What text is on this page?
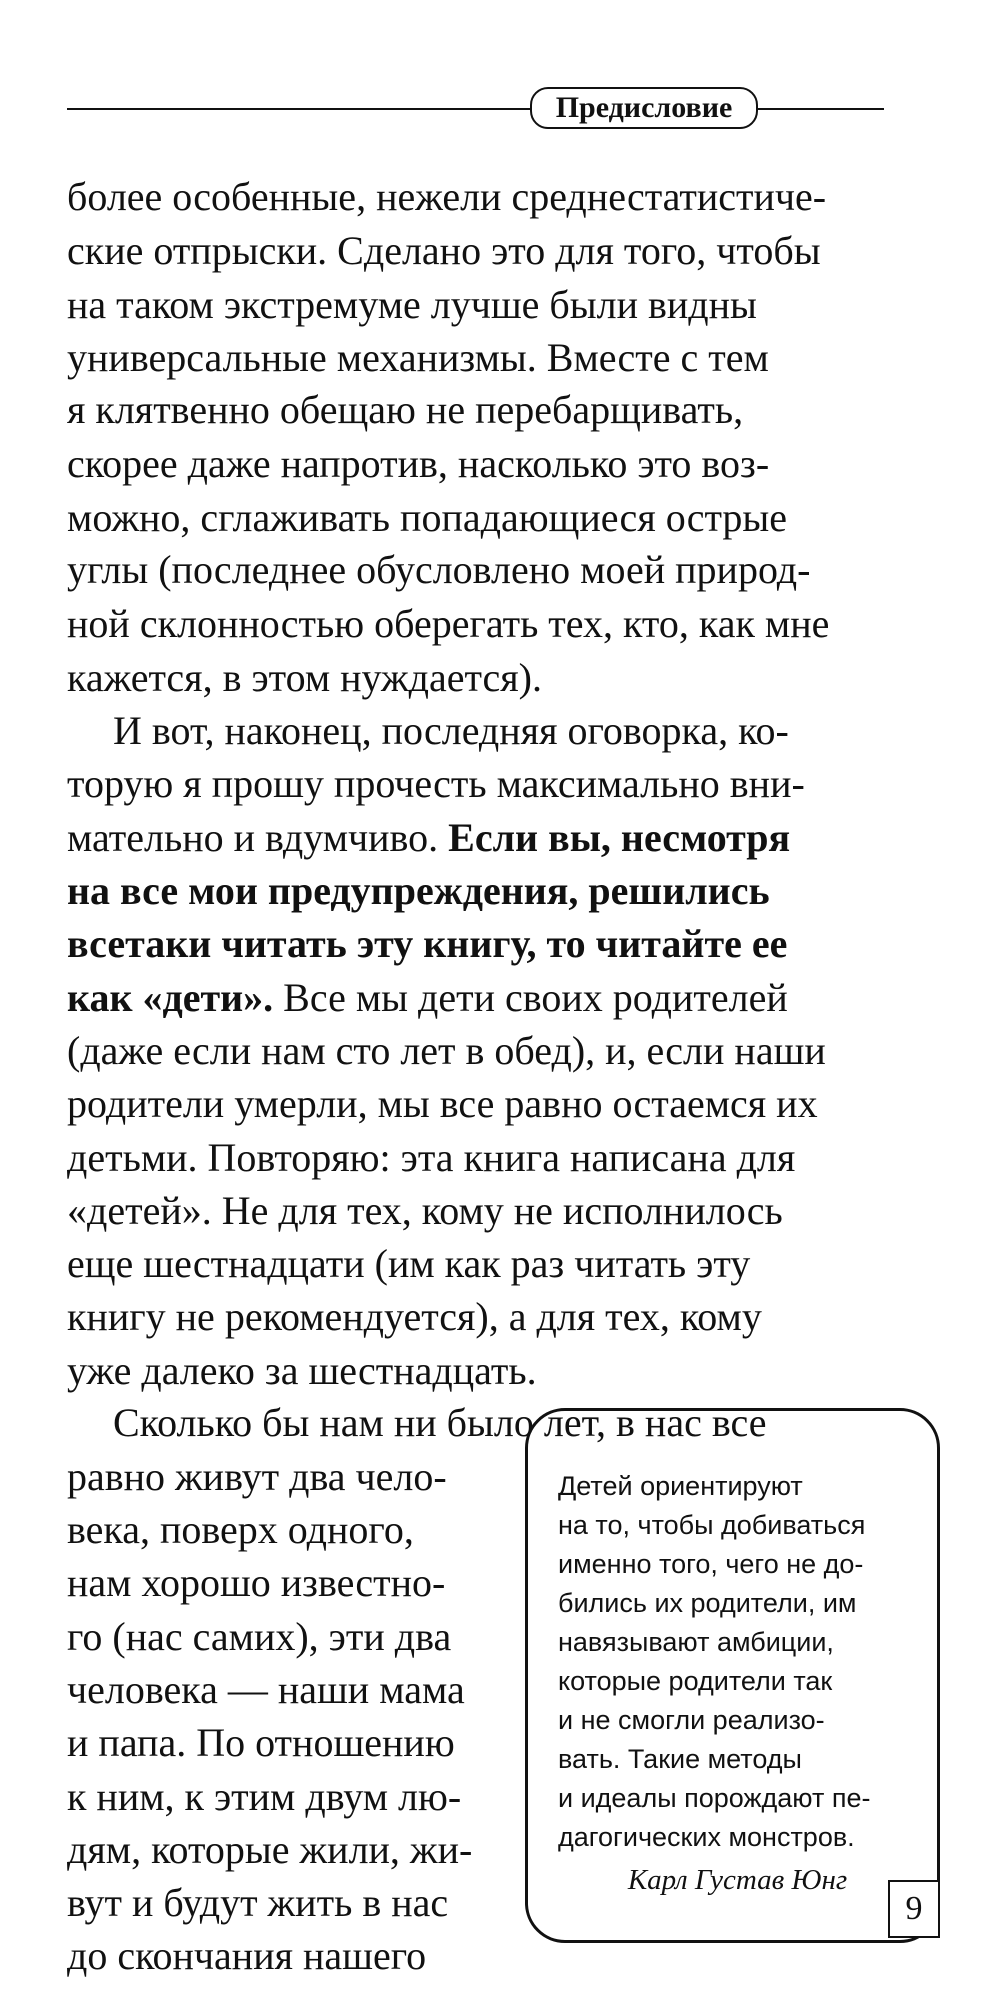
Предисловие
более особенные, нежели среднестатистиче-
ские отпрыски. Сделано это для того, чтобы
на таком экстремуме лучше были видны
универсальные механизмы. Вместе с тем
я клятвенно обещаю не перебарщивать,
скорее даже напротив, насколько это воз-
можно, сглаживать попадающиеся острые
углы (последнее обусловлено моей природ-
ной склонностью оберегать тех, кто, как мне
кажется, в этом нуждается).
И вот, наконец, последняя оговорка, ко-
торую я прошу прочесть максимально вни-
мательно и вдумчиво. Если вы, несмотря
на все мои предупреждения, решились
всетаки читать эту книгу, то читайте ее
как «дети». Все мы дети своих родителей
(даже если нам сто лет в обед), и, если наши
родители умерли, мы все равно остаемся их
детьми. Повторяю: эта книга написана для
«детей». Не для тех, кому не исполнилось
еще шестнадцати (им как раз читать эту
книгу не рекомендуется), а для тех, кому
уже далеко за шестнадцать.
Сколько бы нам ни было лет, в нас все
равно живут два чело-
века, поверх одного,
нам хорошо известно-
го (нас самих), эти два
человека — наши мама
и папа. По отношению
к ним, к этим двум лю-
дям, которые жили, жи-
вут и будут жить в нас
до скончания нашего
Детей ориентируют
на то, чтобы добиваться
именно того, чего не до-
бились их родители, им
навязывают амбиции,
которые родители так
и не смогли реализо-
вать. Такие методы
и идеалы порождают пе-
дагогических монстров.
Карл Густав Юнг
9
